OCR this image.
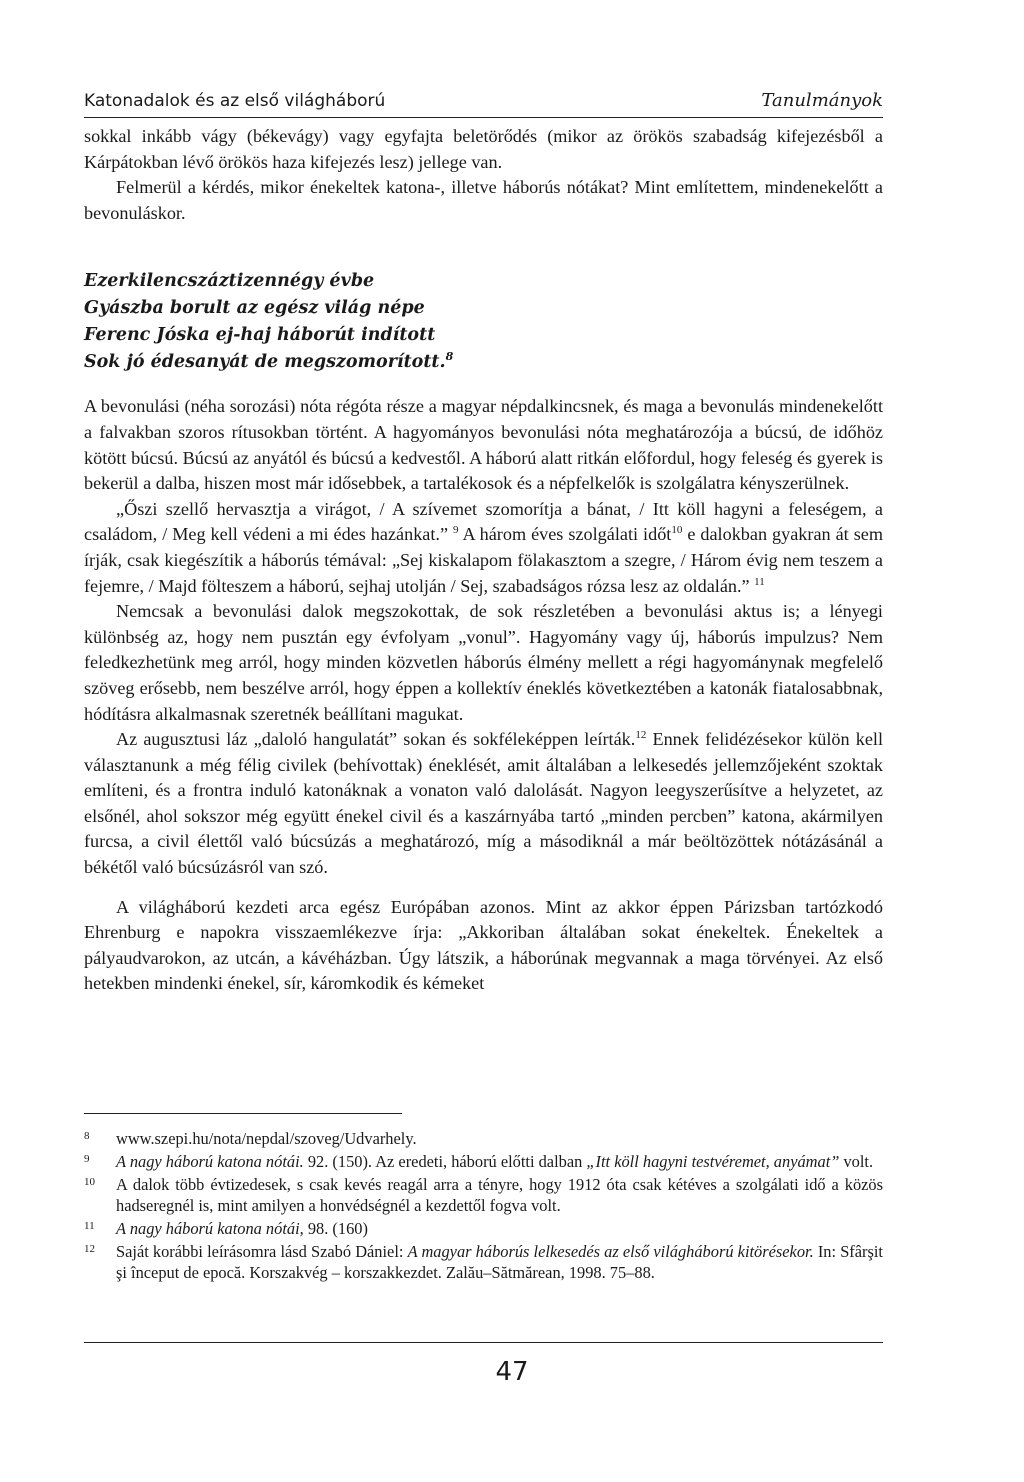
Katonadalok és az első világháború	Tanulmányok

sokkal inkább vágy (békevágy) vagy egyfajta beletörődés (mikor az örökös szabadság kifejezésből a Kárpátokban lévő örökös haza kifejezés lesz) jellege van.

Felmerül a kérdés, mikor énekeltek katona-, illetve háborús nótákat? Mint említettem, mindenekelőtt a bevonuláskor.

Ezerkilencszáztizennégy évbe
Gyászba borult az egész világ népe
Ferenc Jóska ej-haj háborút indított
Sok jó édesanyát de megszomorított.$^8$

A bevonulási (néha sorozási) nóta régóta része a magyar népdalkincsnek, és maga a bevonulás mindenekelőtt a falvakban szoros rítusokban történt. A hagyományos bevonulási nóta meghatározója a búcsú, de időhöz kötött búcsú. Búcsú az anyától és búcsú a kedvestől. A háború alatt ritkán előfordul, hogy feleség és gyerek is bekerül a dalba, hiszen most már idősebbek, a tartalékosok és a népfelkelők is szolgálatra kényszerülnek.

„Őszi szellő hervasztja a virágot, / A szívemet szomorítja a bánat, / Itt köll hagyni a feleségem, a családom, / Meg kell védeni a mi édes hazánkat.” $^9$ A három éves szolgálati időt$^{10}$ e dalokban gyakran át sem írják, csak kiegészítik a háborús témával: „Sej kiskalapom fölakasztom a szegre, / Három évig nem teszem a fejemre, / Majd fölteszem a háború, sejhaj utolján / Sej, szabadságos rózsa lesz az oldalán.” $^{11}$

Nemcsak a bevonulási dalok megszokottak, de sok részletében a bevonulási aktus is; a lényegi különbség az, hogy nem pusztán egy évfolyam „vonul”. Hagyomány vagy új, háborús impulzus? Nem feledkezhetünk meg arról, hogy minden közvetlen háborús élmény mellett a régi hagyománynak megfelelő szöveg erősebb, nem beszélve arról, hogy éppen a kollektív éneklés következtében a katonák fiatalosabbnak, hódításra alkalmasnak szeretnék beállítani magukat.

Az augusztusi láz „daloló hangulatát” sokan és sokféleképpen leírták.$^{12}$ Ennek felidézésekor külön kell választanunk a még félig civilek (behívottak) éneklését, amit általában a lelkesedés jellemzőjeként szoktak említeni, és a frontra induló katonáknak a vonaton való dalolását. Nagyon leegyszerűsítve a helyzetet, az elsőnél, ahol sokszor még együtt énekel civil és a kaszárnyába tartó „minden percben” katona, akármilyen furcsa, a civil élettől való búcsúzás a meghatározó, míg a másodiknál a már beöltözöttek nótázásánál a békétől való búcsúzásról van szó.

A világháború kezdeti arca egész Európában azonos. Mint az akkor éppen Párizsban tartózkodó Ehrenburg e napokra visszaemlékezve írja: „Akkoriban általában sokat énekeltek. Énekeltek a pályaudvarokon, az utcán, a kávéházban. Úgy látszik, a háborúnak megvannak a maga törvényei. Az első hetekben mindenki énekel, sír, káromkodik és kémeket

8	www.szepi.hu/nota/nepdal/szoveg/Udvarhely.
9	A nagy háború katona nótái. 92. (150). Az eredeti, háború előtti dalban „Itt köll hagyni testvéremet, anyámat” volt.
10	A dalok több évtizedesek, s csak kevés reagál arra a tényre, hogy 1912 óta csak kétéves a szolgálati idő a közös hadseregnél is, mint amilyen a honvédségnél a kezdettől fogva volt.
11	A nagy háború katona nótái, 98. (160)
12	Saját korábbi leírásomra lásd Szabó Dániel: A magyar háborús lelkesedés az első világháború kitörésekor. In: Sfârşit şi început de epocă. Korszakvég – korszakkezdet. Zalău–Sătmărean, 1998. 75–88.
47
